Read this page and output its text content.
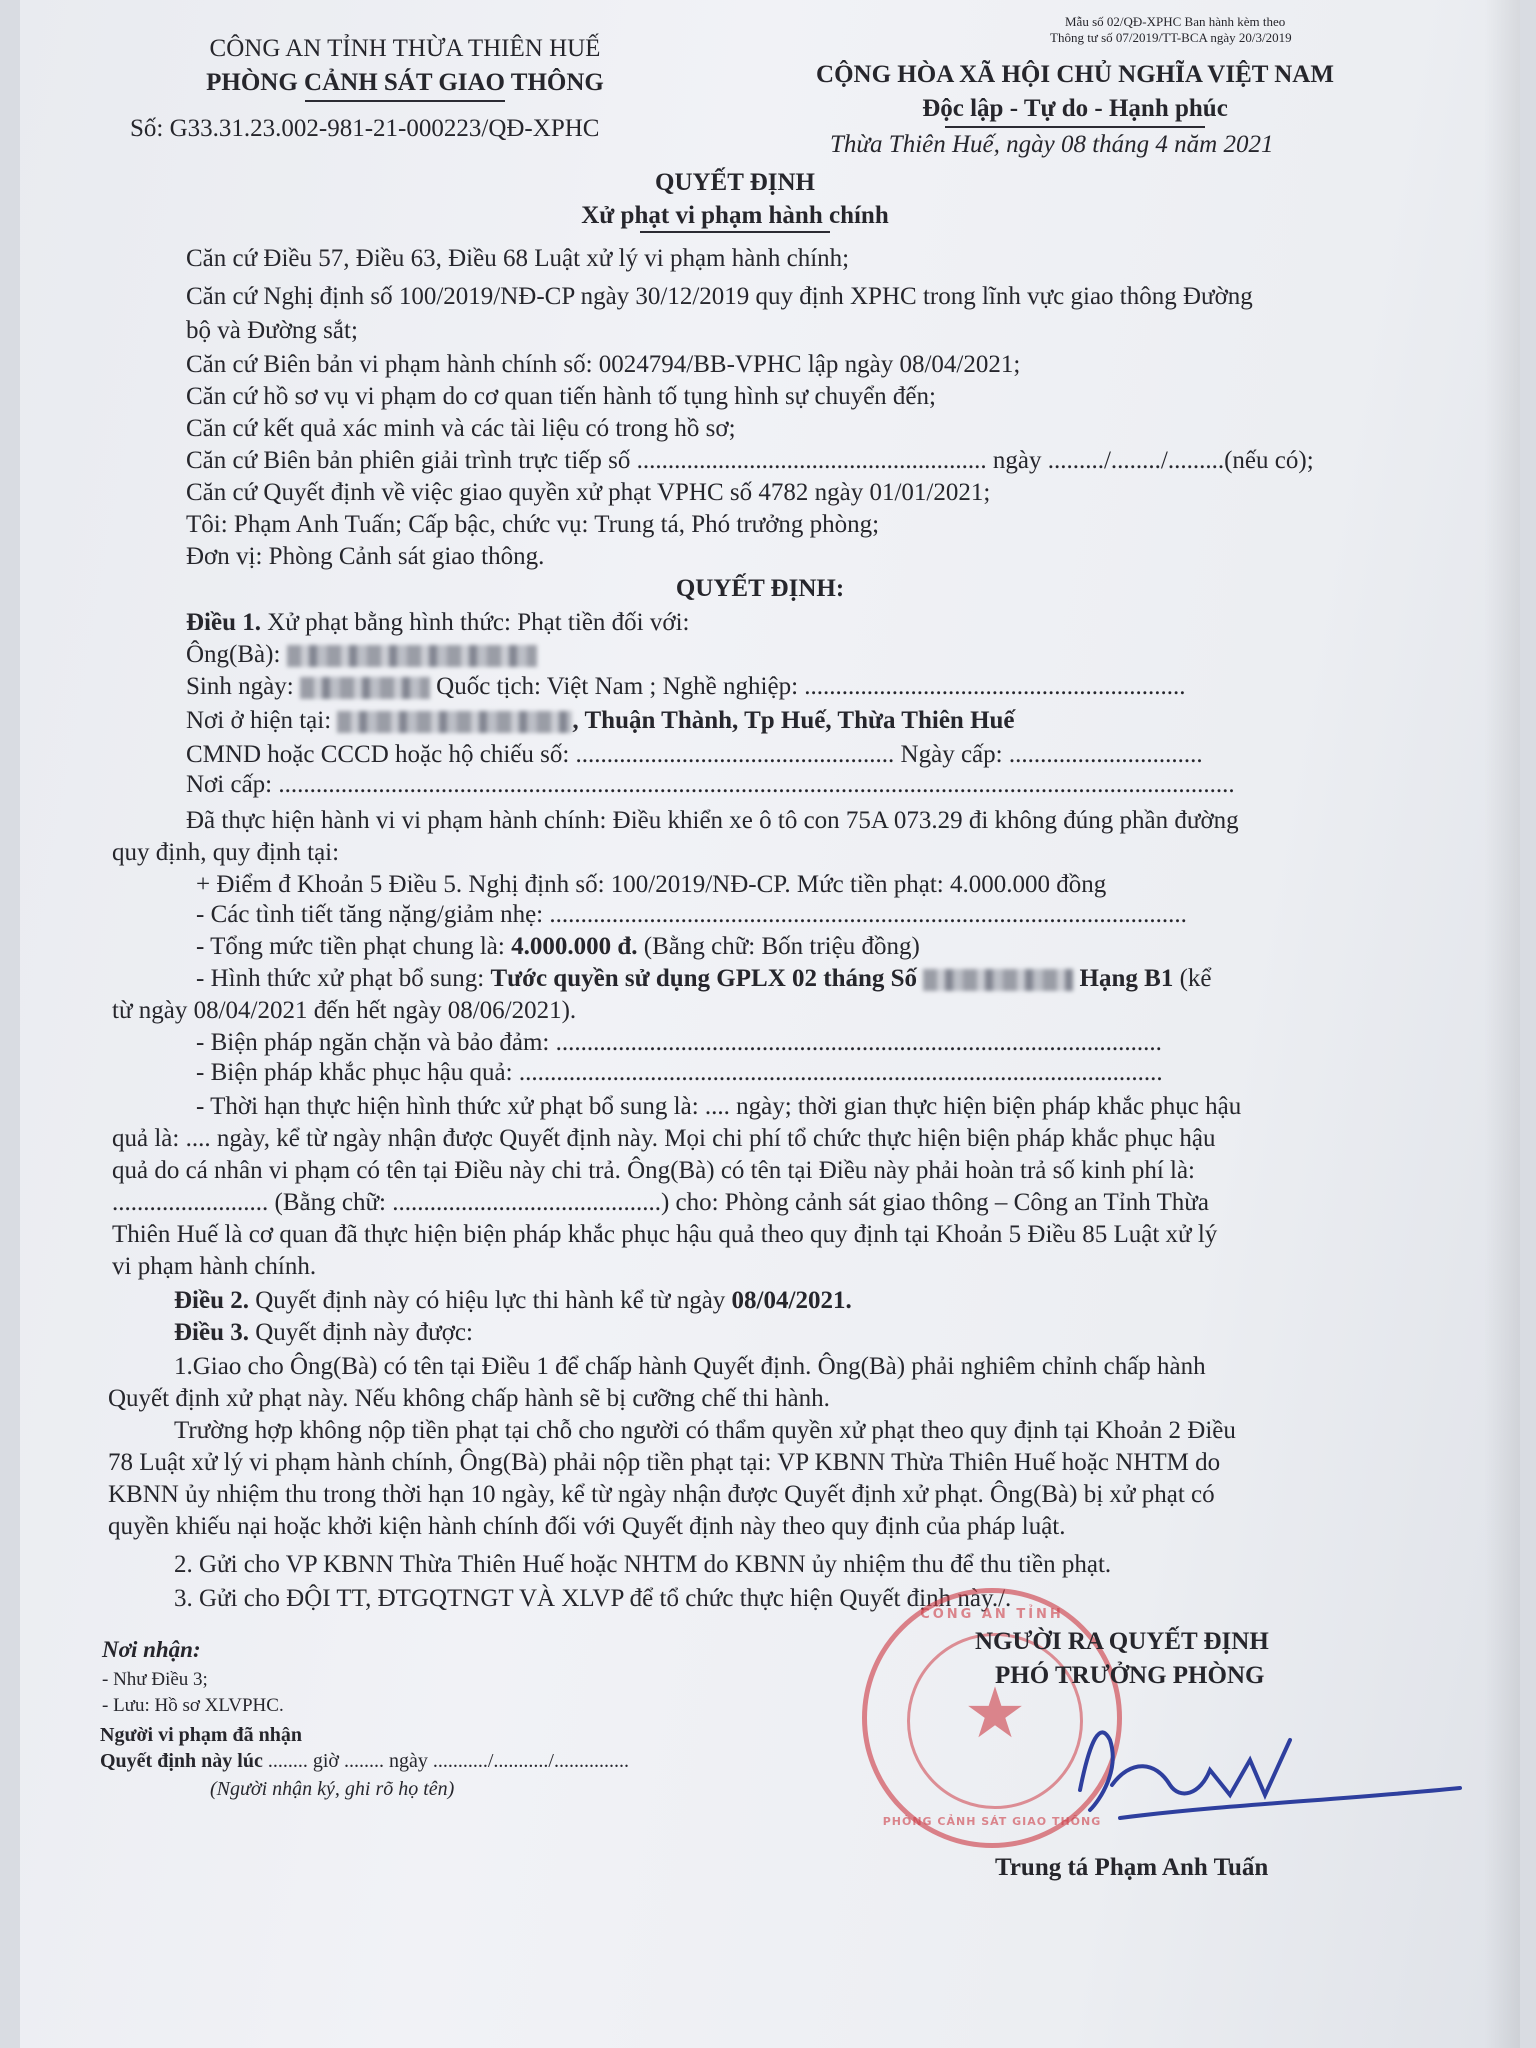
Mẫu số 02/QĐ-XPHC Ban hành kèm theo
Thông tư số 07/2019/TT-BCA ngày 20/3/2019
CÔNG AN TỈNH THỪA THIÊN HUẾ
PHÒNG CẢNH SÁT GIAO THÔNG
Số: G33.31.23.002-981-21-000223/QĐ-XPHC
CỘNG HÒA XÃ HỘI CHỦ NGHĨA VIỆT NAM
Độc lập - Tự do - Hạnh phúc
Thừa Thiên Huế, ngày 08 tháng 4 năm 2021
QUYẾT ĐỊNH
Xử phạt vi phạm hành chính
Căn cứ Điều 57, Điều 63, Điều 68 Luật xử lý vi phạm hành chính;
Căn cứ Nghị định số 100/2019/NĐ-CP ngày 30/12/2019 quy định XPHC trong lĩnh vực giao thông Đường
bộ và Đường sắt;
Căn cứ Biên bản vi phạm hành chính số: 0024794/BB-VPHC lập ngày 08/04/2021;
Căn cứ hồ sơ vụ vi phạm do cơ quan tiến hành tố tụng hình sự chuyển đến;
Căn cứ kết quả xác minh và các tài liệu có trong hồ sơ;
Căn cứ Biên bản phiên giải trình trực tiếp số ........................................................ ngày ........./......../.........(nếu có);
Căn cứ Quyết định về việc giao quyền xử phạt VPHC số 4782 ngày 01/01/2021;
Tôi: Phạm Anh Tuấn; Cấp bậc, chức vụ: Trung tá, Phó trưởng phòng;
Đơn vị: Phòng Cảnh sát giao thông.
QUYẾT ĐỊNH:
Điều 1. Xử phạt bằng hình thức: Phạt tiền đối với:
Ông(Bà):
Sinh ngày:	Quốc tịch: Việt Nam ; Nghề nghiệp: .............................................................
Nơi ở hiện tại:	, Thuận Thành, Tp Huế, Thừa Thiên Huế
CMND hoặc CCCD hoặc hộ chiếu số: ................................................... Ngày cấp: ...............................
Nơi cấp: .........................................................................................................................................................
Đã thực hiện hành vi vi phạm hành chính: Điều khiển xe ô tô con 75A 073.29 đi không đúng phần đường
quy định, quy định tại:
+ Điểm đ Khoản 5 Điều 5. Nghị định số: 100/2019/NĐ-CP. Mức tiền phạt: 4.000.000 đồng
- Các tình tiết tăng nặng/giảm nhẹ: ......................................................................................................
- Tổng mức tiền phạt chung là: 4.000.000 đ. (Bằng chữ: Bốn triệu đồng)
- Hình thức xử phạt bổ sung: Tước quyền sử dụng GPLX 02 tháng Số	Hạng B1 (kể
từ ngày 08/04/2021 đến hết ngày 08/06/2021).
- Biện pháp ngăn chặn và bảo đảm: .................................................................................................
- Biện pháp khắc phục hậu quả: .......................................................................................................
- Thời hạn thực hiện hình thức xử phạt bổ sung là: .... ngày; thời gian thực hiện biện pháp khắc phục hậu
quả là: .... ngày, kể từ ngày nhận được Quyết định này. Mọi chi phí tổ chức thực hiện biện pháp khắc phục hậu
quả do cá nhân vi phạm có tên tại Điều này chi trả. Ông(Bà) có tên tại Điều này phải hoàn trả số kinh phí là:
......................... (Bằng chữ: ...........................................) cho: Phòng cảnh sát giao thông – Công an Tỉnh Thừa
Thiên Huế là cơ quan đã thực hiện biện pháp khắc phục hậu quả theo quy định tại Khoản 5 Điều 85 Luật xử lý
vi phạm hành chính.
Điều 2. Quyết định này có hiệu lực thi hành kể từ ngày 08/04/2021.
Điều 3. Quyết định này được:
1.Giao cho Ông(Bà) có tên tại Điều 1 để chấp hành Quyết định. Ông(Bà) phải nghiêm chỉnh chấp hành
Quyết định xử phạt này. Nếu không chấp hành sẽ bị cưỡng chế thi hành.
Trường hợp không nộp tiền phạt tại chỗ cho người có thẩm quyền xử phạt theo quy định tại Khoản 2 Điều
78 Luật xử lý vi phạm hành chính, Ông(Bà) phải nộp tiền phạt tại: VP KBNN Thừa Thiên Huế hoặc NHTM do
KBNN ủy nhiệm thu trong thời hạn 10 ngày, kể từ ngày nhận được Quyết định xử phạt. Ông(Bà) bị xử phạt có
quyền khiếu nại hoặc khởi kiện hành chính đối với Quyết định này theo quy định của pháp luật.
2. Gửi cho VP KBNN Thừa Thiên Huế hoặc NHTM do KBNN ủy nhiệm thu để thu tiền phạt.
3. Gửi cho ĐỘI TT, ĐTGQTNGT VÀ XLVP để tổ chức thực hiện Quyết định này./.
Nơi nhận:
- Như Điều 3;
- Lưu: Hồ sơ XLVPHC.
Người vi phạm đã nhận
Quyết định này lúc ........ giờ ........ ngày .........../.........../...............
(Người nhận ký, ghi rõ họ tên)
CÔNG AN TỈNH
★
PHÒNG CẢNH SÁT GIAO THÔNG
NGƯỜI RA QUYẾT ĐỊNH
PHÓ TRƯỞNG PHÒNG
Trung tá Phạm Anh Tuấn
